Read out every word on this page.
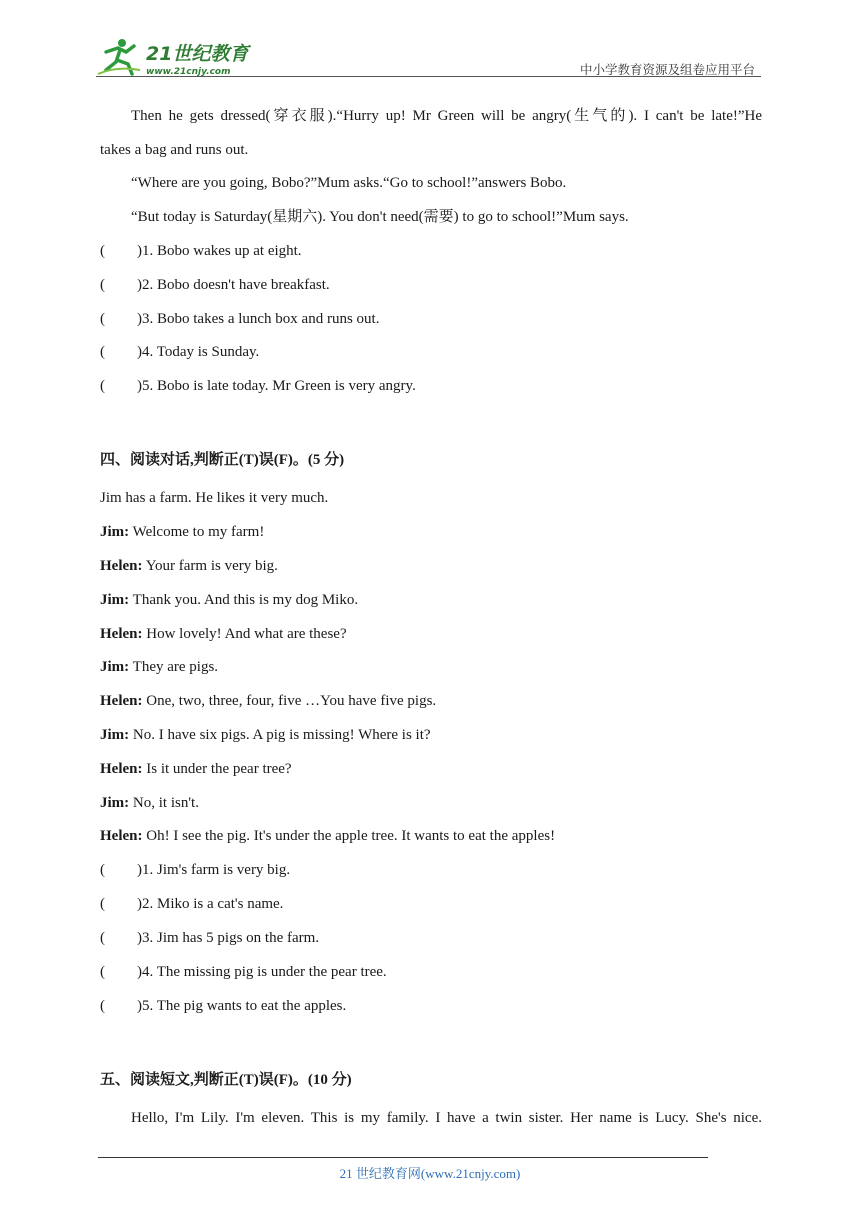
21世纪教育
www.21cnjy.com	中小学教育资源及组卷应用平台
Then he gets dressed(穿衣服).“Hurry up! Mr Green will be angry(生气的). I can't be late!”He
takes a bag and runs out.
“Where are you going, Bobo?”Mum asks.“Go to school!”answers Bobo.
“But today is Saturday(星期六). You don't need(需要) to go to school!”Mum says.
( )1. Bobo wakes up at eight.
( )2. Bobo doesn't have breakfast.
( )3. Bobo takes a lunch box and runs out.
( )4. Today is Sunday.
( )5. Bobo is late today. Mr Green is very angry.
四、阅读对话,判断正(T)误(F)。(5 分)
Jim has a farm. He likes it very much.
Jim: Welcome to my farm!
Helen: Your farm is very big.
Jim: Thank you. And this is my dog Miko.
Helen: How lovely! And what are these?
Jim: They are pigs.
Helen: One, two, three, four, five …You have five pigs.
Jim: No. I have six pigs. A pig is missing! Where is it?
Helen: Is it under the pear tree?
Jim: No, it isn't.
Helen: Oh! I see the pig. It's under the apple tree. It wants to eat the apples!
( )1. Jim's farm is very big.
( )2. Miko is a cat's name.
( )3. Jim has 5 pigs on the farm.
( )4. The missing pig is under the pear tree.
( )5. The pig wants to eat the apples.
五、阅读短文,判断正(T)误(F)。(10 分)
Hello, I'm Lily. I'm eleven. This is my family. I have a twin sister. Her name is Lucy. She's nice.
21 世纪教育网(www.21cnjy.com)
